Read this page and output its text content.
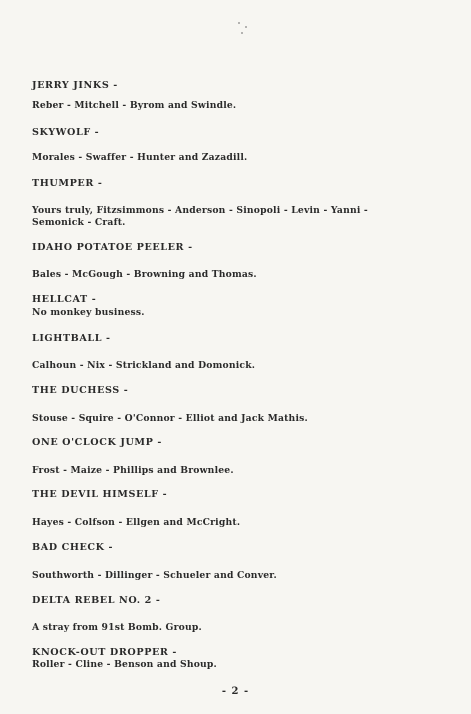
JERRY JINKS -
Reber - Mitchell - Byrom and Swindle.
SKYWOLF -
Morales - Swaffer - Hunter and Zazadill.
THUMPER -
Yours truly, Fitzsimmons - Anderson - Sinopoli - Levin - Yanni -
Semonick - Craft.
IDAHO POTATOE PEELER -
Bales - McGough - Browning and Thomas.
HELLCAT -
No monkey business.
LIGHTBALL -
Calhoun - Nix - Strickland and Domonick.
THE DUCHESS -
Stouse - Squire - O'Connor - Elliot and Jack Mathis.
ONE O'CLOCK JUMP -
Frost - Maize - Phillips and Brownlee.
THE DEVIL HIMSELF -
Hayes - Colfson - Ellgen and McCright.
BAD CHECK -
Southworth - Dillinger - Schueler and Conver.
DELTA REBEL NO. 2 -
A stray from 91st Bomb. Group.
KNOCK-OUT DROPPER -
Roller - Cline - Benson and Shoup.
- 2 -
